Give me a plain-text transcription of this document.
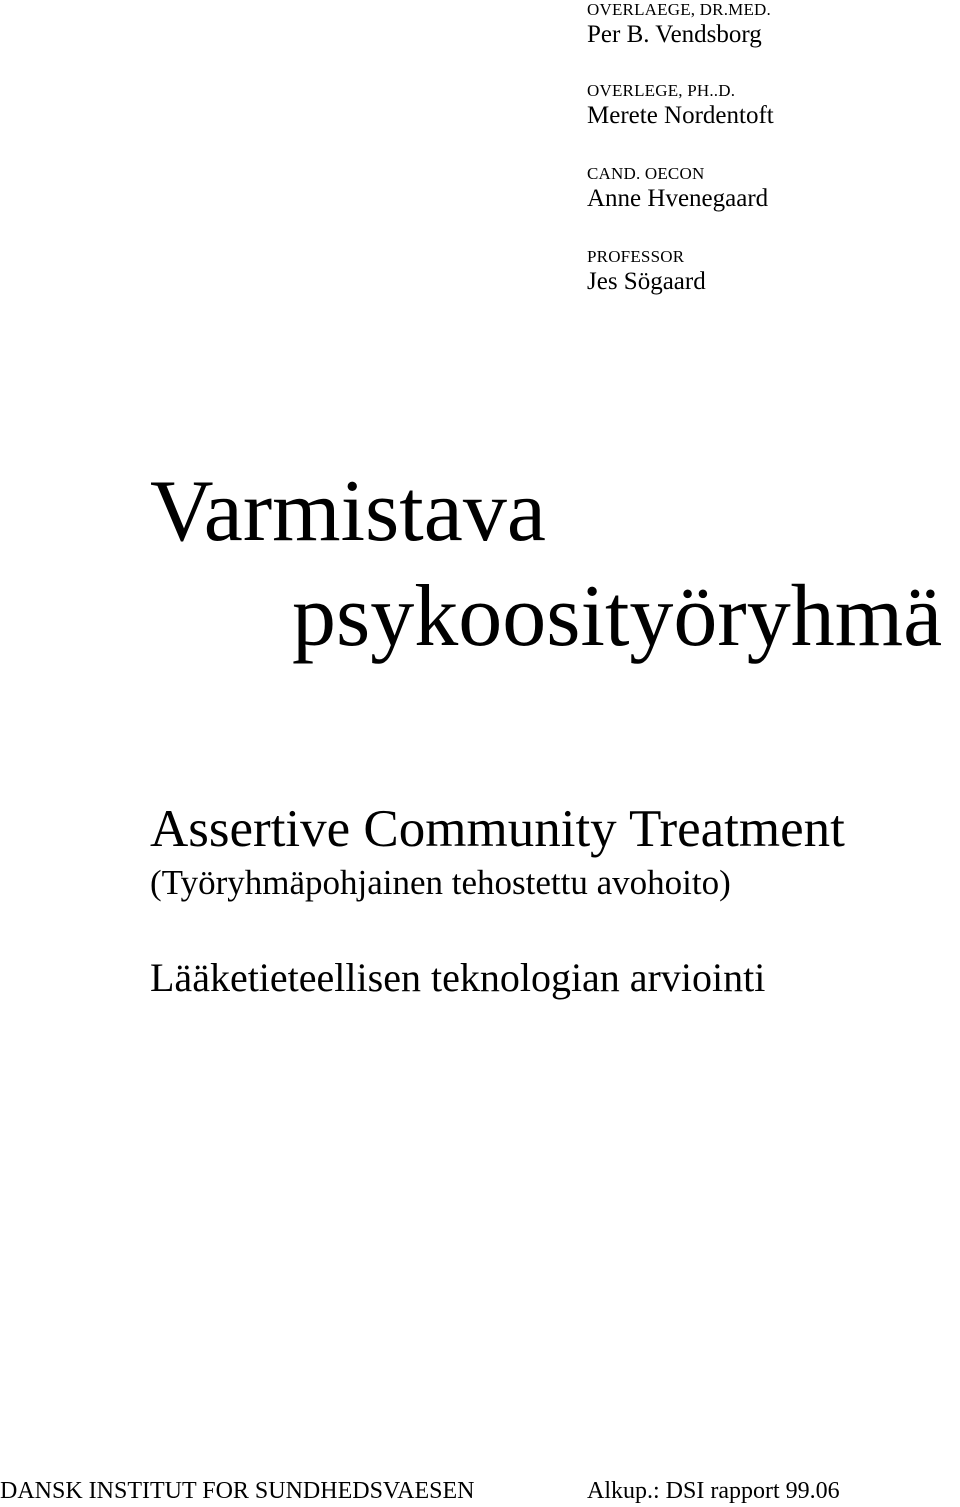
OVERLAEGE, DR.MED.
Per B. Vendsborg
OVERLEGE, PH..D.
Merete Nordentoft
CAND. OECON
Anne Hvenegaard
PROFESSOR
Jes Sögaard
Varmistava
psykoosityöryhmä
Assertive Community Treatment
(Työryhmäpohjainen tehostettu avohoito)
Lääketieteellisen teknologian arviointi
DANSK INSTITUT FOR SUNDHEDSVAESEN	Alkup.: DSI rapport 99.06
